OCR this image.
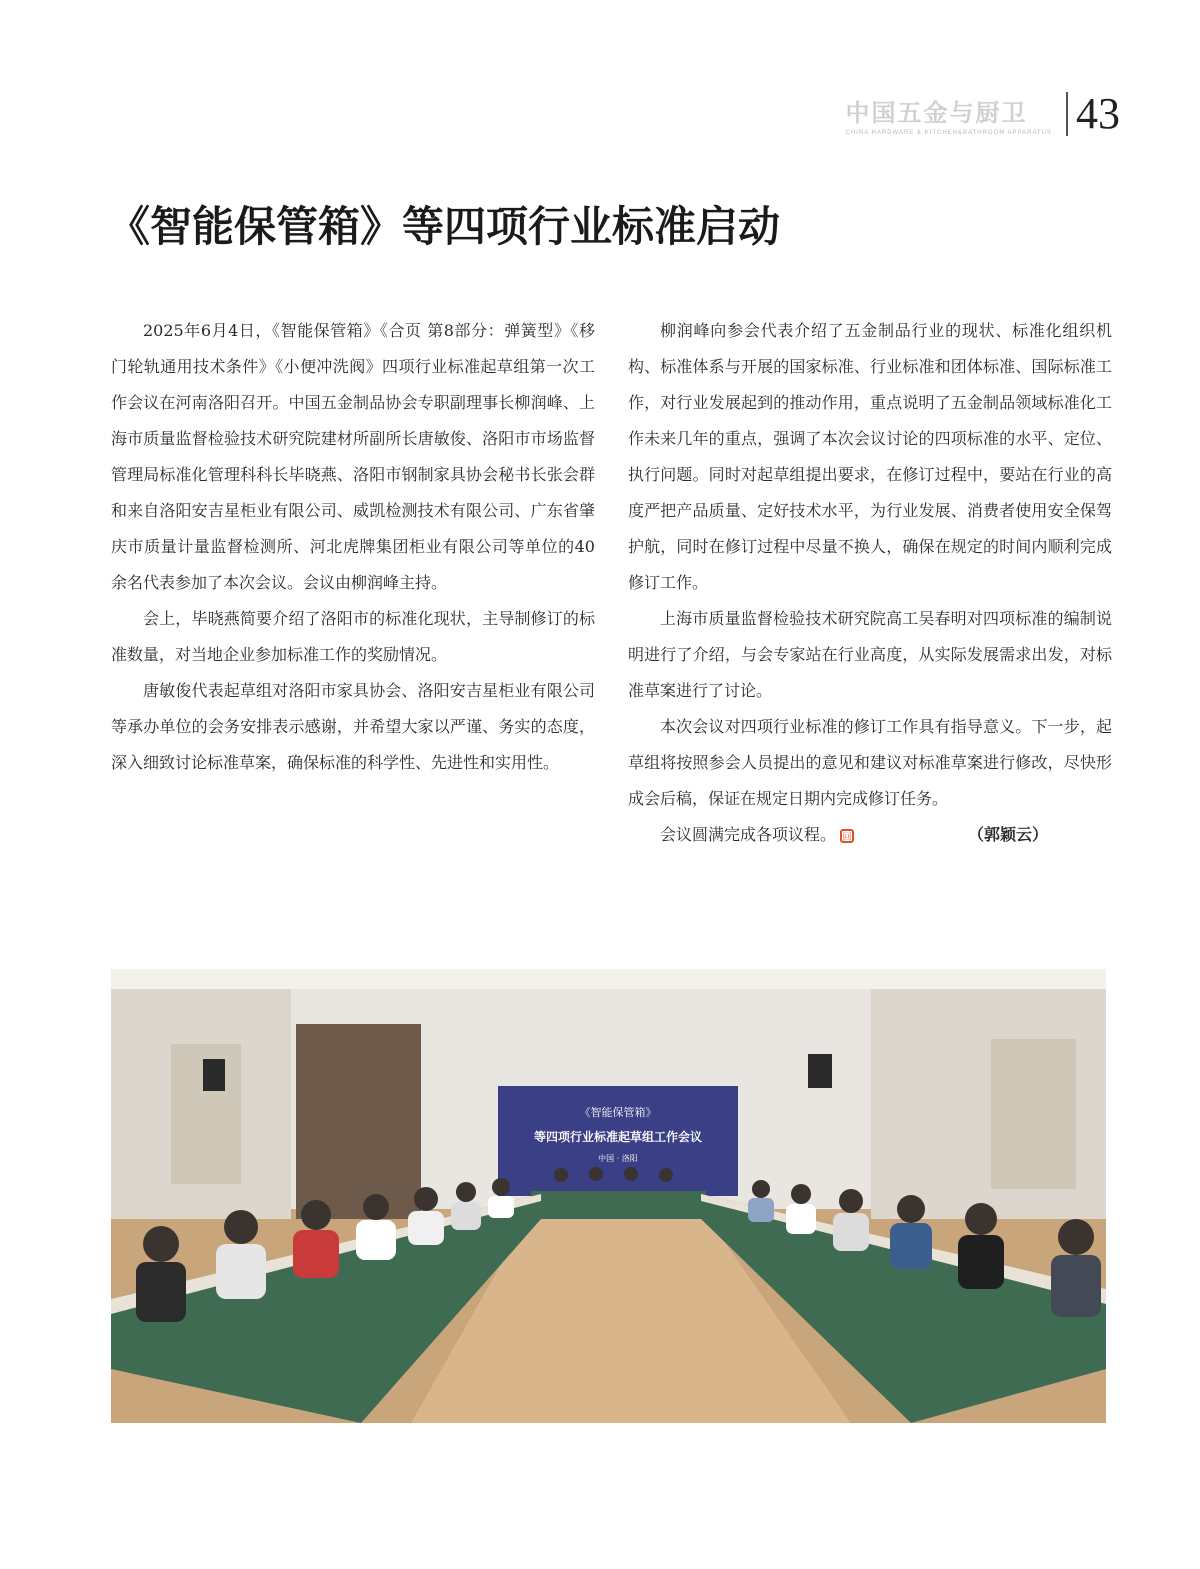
中国五金与厨卫
CHINA HARDWARE & KITCHEN&BATHROOM APPARATUS 43
《智能保管箱》等四项行业标准启动

2025年6月4日，《智能保管箱》《合页 第8部分：弹簧型》《移门轮轨通用技术条件》《小便冲洗阀》四项行业标准起草组第一次工作会议在河南洛阳召开。中国五金制品协会专职副理事长柳润峰、上海市质量监督检验技术研究院建材所副所长唐敏俊、洛阳市市场监督管理局标准化管理科科长毕晓燕、洛阳市钢制家具协会秘书长张会群和来自洛阳安吉星柜业有限公司、威凯检测技术有限公司、广东省肇庆市质量计量监督检测所、河北虎牌集团柜业有限公司等单位的40余名代表参加了本次会议。会议由柳润峰主持。

会上，毕晓燕简要介绍了洛阳市的标准化现状，主导制修订的标准数量，对当地企业参加标准工作的奖励情况。

唐敏俊代表起草组对洛阳市家具协会、洛阳安吉星柜业有限公司等承办单位的会务安排表示感谢，并希望大家以严谨、务实的态度，深入细致讨论标准草案，确保标准的科学性、先进性和实用性。

柳润峰向参会代表介绍了五金制品行业的现状、标准化组织机构、标准体系与开展的国家标准、行业标准和团体标准、国际标准工作，对行业发展起到的推动作用，重点说明了五金制品领域标准化工作未来几年的重点，强调了本次会议讨论的四项标准的水平、定位、执行问题。同时对起草组提出要求，在修订过程中，要站在行业的高度严把产品质量、定好技术水平，为行业发展、消费者使用安全保驾护航，同时在修订过程中尽量不换人，确保在规定的时间内顺利完成修订工作。

上海市质量监督检验技术研究院高工吴春明对四项标准的编制说明进行了介绍，与会专家站在行业高度，从实际发展需求出发，对标准草案进行了讨论。

本次会议对四项行业标准的修订工作具有指导意义。下一步，起草组将按照参会人员提出的意见和建议对标准草案进行修改，尽快形成会后稿，保证在规定日期内完成修订任务。

会议圆满完成各项议程。 回	（郭颖云）

《智能保管箱》
等四项行业标准起草组工作会议
中国 · 洛阳
